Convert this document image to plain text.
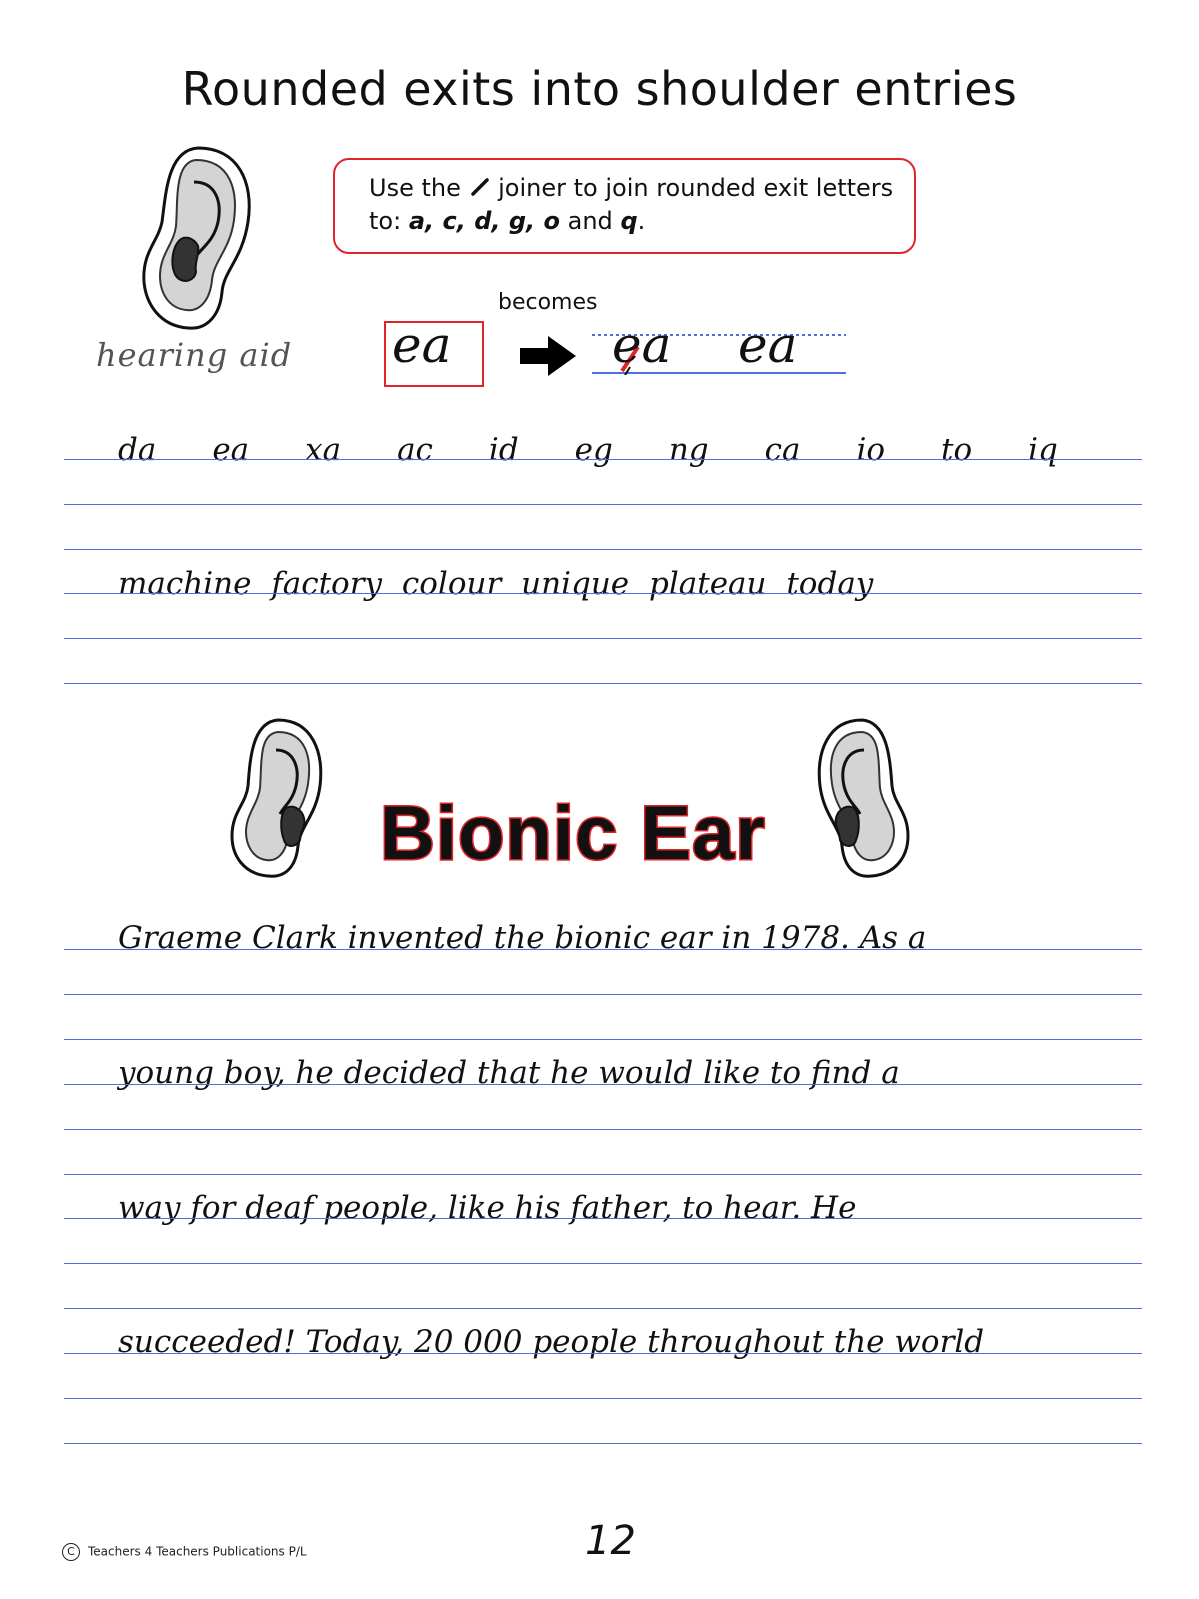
Rounded exits into shoulder entries
hearing aid
Use the joiner to join rounded exit letters
to: a, c, d, g, o and q.
becomes
ea	ea ea
da ea xa ac id eg ng ca io to iq
machine factory colour unique plateau today
Bionic Ear
Graeme Clark invented the bionic ear in 1978. As a
young boy, he decided that he would like to find a
way for deaf people, like his father, to hear. He
succeeded! Today, 20 000 people throughout the world
C Teachers 4 Teachers Publications P/L	12
